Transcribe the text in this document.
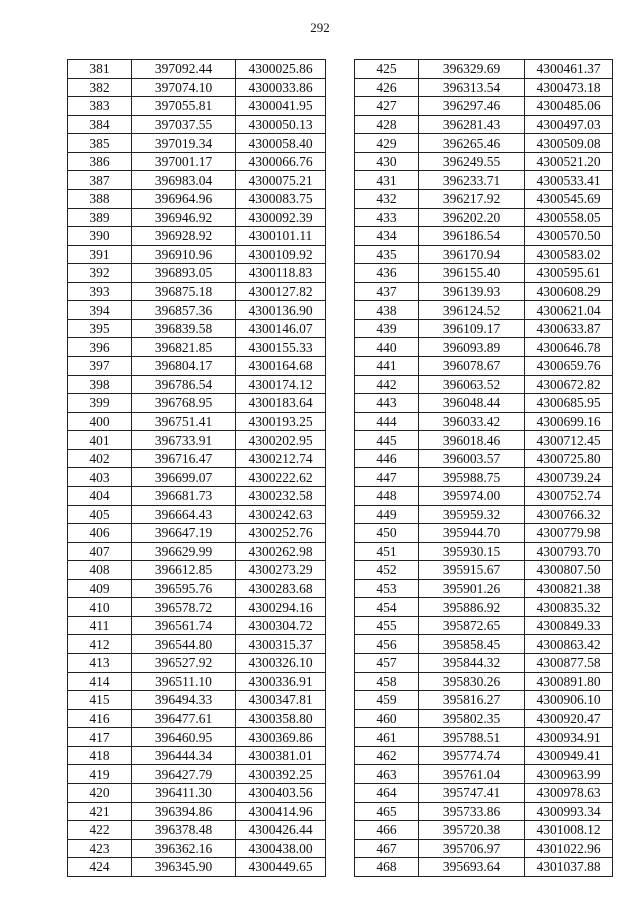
292
381	397092.44	4300025.86
382	397074.10	4300033.86
383	397055.81	4300041.95
384	397037.55	4300050.13
385	397019.34	4300058.40
386	397001.17	4300066.76
387	396983.04	4300075.21
388	396964.96	4300083.75
389	396946.92	4300092.39
390	396928.92	4300101.11
391	396910.96	4300109.92
392	396893.05	4300118.83
393	396875.18	4300127.82
394	396857.36	4300136.90
395	396839.58	4300146.07
396	396821.85	4300155.33
397	396804.17	4300164.68
398	396786.54	4300174.12
399	396768.95	4300183.64
400	396751.41	4300193.25
401	396733.91	4300202.95
402	396716.47	4300212.74
403	396699.07	4300222.62
404	396681.73	4300232.58
405	396664.43	4300242.63
406	396647.19	4300252.76
407	396629.99	4300262.98
408	396612.85	4300273.29
409	396595.76	4300283.68
410	396578.72	4300294.16
411	396561.74	4300304.72
412	396544.80	4300315.37
413	396527.92	4300326.10
414	396511.10	4300336.91
415	396494.33	4300347.81
416	396477.61	4300358.80
417	396460.95	4300369.86
418	396444.34	4300381.01
419	396427.79	4300392.25
420	396411.30	4300403.56
421	396394.86	4300414.96
422	396378.48	4300426.44
423	396362.16	4300438.00
424	396345.90	4300449.65
425	396329.69	4300461.37
426	396313.54	4300473.18
427	396297.46	4300485.06
428	396281.43	4300497.03
429	396265.46	4300509.08
430	396249.55	4300521.20
431	396233.71	4300533.41
432	396217.92	4300545.69
433	396202.20	4300558.05
434	396186.54	4300570.50
435	396170.94	4300583.02
436	396155.40	4300595.61
437	396139.93	4300608.29
438	396124.52	4300621.04
439	396109.17	4300633.87
440	396093.89	4300646.78
441	396078.67	4300659.76
442	396063.52	4300672.82
443	396048.44	4300685.95
444	396033.42	4300699.16
445	396018.46	4300712.45
446	396003.57	4300725.80
447	395988.75	4300739.24
448	395974.00	4300752.74
449	395959.32	4300766.32
450	395944.70	4300779.98
451	395930.15	4300793.70
452	395915.67	4300807.50
453	395901.26	4300821.38
454	395886.92	4300835.32
455	395872.65	4300849.33
456	395858.45	4300863.42
457	395844.32	4300877.58
458	395830.26	4300891.80
459	395816.27	4300906.10
460	395802.35	4300920.47
461	395788.51	4300934.91
462	395774.74	4300949.41
463	395761.04	4300963.99
464	395747.41	4300978.63
465	395733.86	4300993.34
466	395720.38	4301008.12
467	395706.97	4301022.96
468	395693.64	4301037.88
